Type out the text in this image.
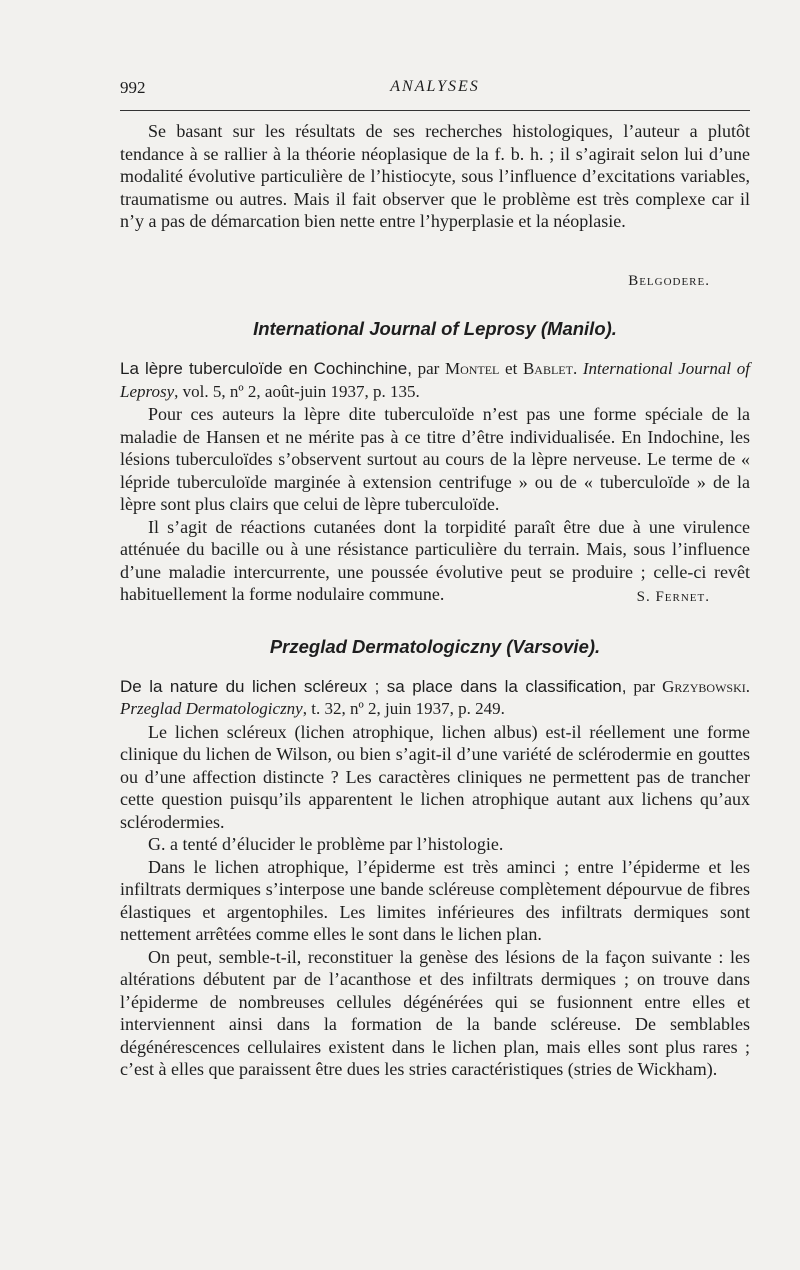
992	ANALYSES

Se basant sur les résultats de ses recherches histologiques, l’auteur a plutôt tendance à se rallier à la théorie néoplasique de la f. b. h. ; il s’agirait selon lui d’une modalité évolutive particulière de l’histiocyte, sous l’influence d’excitations variables, traumatisme ou autres. Mais il fait observer que le problème est très complexe car il n’y a pas de démarcation bien nette entre l’hyperplasie et la néoplasie.

Belgodere.

International Journal of Leprosy (Manilo).

La lèpre tuberculoïde en Cochinchine, par Montel et Bablet. International Journal of Leprosy, vol. 5, nº 2, août-juin 1937, p. 135.

Pour ces auteurs la lèpre dite tuberculoïde n’est pas une forme spéciale de la maladie de Hansen et ne mérite pas à ce titre d’être individualisée. En Indochine, les lésions tuberculoïdes s’observent surtout au cours de la lèpre nerveuse. Le terme de « lépride tuberculoïde marginée à extension centrifuge » ou de « tuberculoïde » de la lèpre sont plus clairs que celui de lèpre tuberculoïde.

Il s’agit de réactions cutanées dont la torpidité paraît être due à une virulence atténuée du bacille ou à une résistance particulière du terrain. Mais, sous l’influence d’une maladie intercurrente, une poussée évolutive peut se produire ; celle-ci revêt habituellement la forme nodulaire commune.	S. Fernet.

Przeglad Dermatologiczny (Varsovie).

De la nature du lichen scléreux ; sa place dans la classification, par Grzybowski. Przeglad Dermatologiczny, t. 32, nº 2, juin 1937, p. 249.

Le lichen scléreux (lichen atrophique, lichen albus) est-il réellement une forme clinique du lichen de Wilson, ou bien s’agit-il d’une variété de sclérodermie en gouttes ou d’une affection distincte ? Les caractères cliniques ne permettent pas de trancher cette question puisqu’ils apparentent le lichen atrophique autant aux lichens qu’aux sclérodermies.

G. a tenté d’élucider le problème par l’histologie.

Dans le lichen atrophique, l’épiderme est très aminci ; entre l’épiderme et les infiltrats dermiques s’interpose une bande scléreuse complètement dépourvue de fibres élastiques et argentophiles. Les limites inférieures des infiltrats dermiques sont nettement arrêtées comme elles le sont dans le lichen plan.

On peut, semble-t-il, reconstituer la genèse des lésions de la façon suivante : les altérations débutent par de l’acanthose et des infiltrats dermiques ; on trouve dans l’épiderme de nombreuses cellules dégénérées qui se fusionnent entre elles et interviennent ainsi dans la formation de la bande scléreuse. De semblables dégénérescences cellulaires existent dans le lichen plan, mais elles sont plus rares ; c’est à elles que paraissent être dues les stries caractéristiques (stries de Wickham).
